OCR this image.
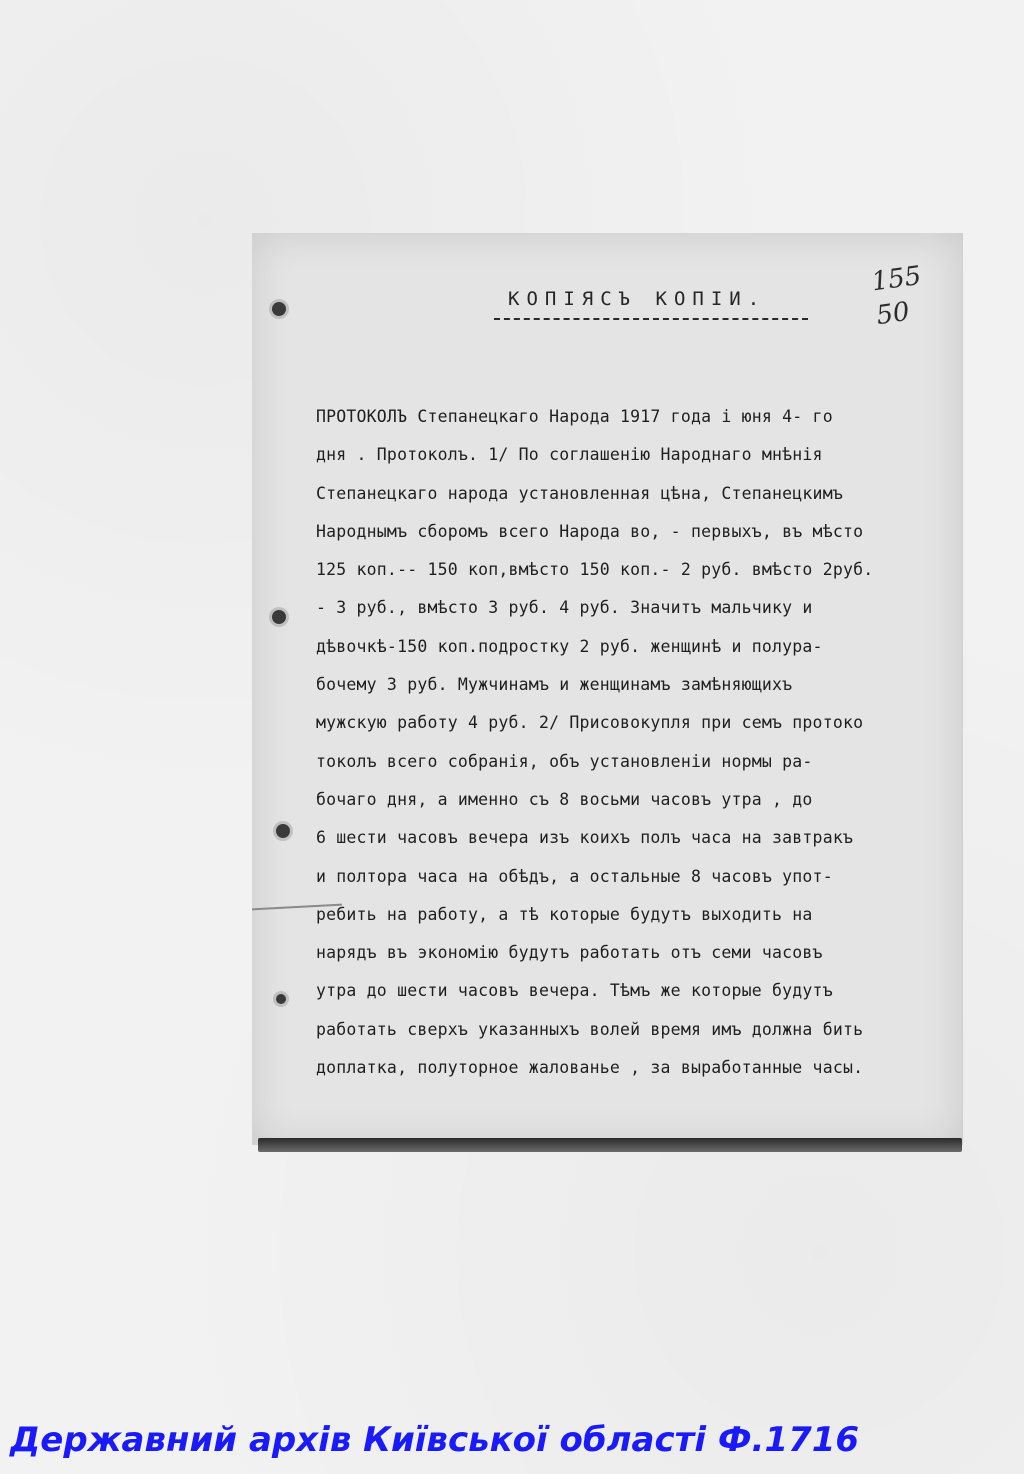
КОПІЯСЪ КОПІИ.
155
50
ПРОТОКОЛЪ Степанецкаго Народа 1917 года і юня 4- го
дня . Протоколъ. 1/ По соглашенію Народнаго мнѣнія
Степанецкаго народа установленная цѣна, Степанецкимъ
Народнымъ сборомъ всего Народа во, - первыхъ, въ мѣсто
125 коп.-- 150 коп,вмѣсто 150 коп.- 2 руб. вмѣсто 2руб.
- 3 руб., вмѣсто 3 руб. 4 руб. Значитъ мальчику и
дѣвочкѣ-150 коп.подростку 2 руб. женщинѣ и полура-
бочему 3 руб. Мужчинамъ и женщинамъ замѣняющихъ
мужскую работу 4 руб. 2/ Присовокупля при семъ протоко
токолъ всего собранія, объ установленіи нормы ра-
бочаго дня, а именно съ 8 восьми часовъ утра , до
6 шести часовъ вечера изъ коихъ полъ часа на завтракъ
и полтора часа на обѣдъ, а остальные 8 часовъ упот-
ребить на работу, а тѣ которые будутъ выходить на
нарядъ въ экономію будутъ работать отъ семи часовъ
утра до шести часовъ вечера. Тѣмъ же которые будутъ
работать сверхъ указанныхъ волей время имъ должна бить
доплатка, полуторное жалованье , за выработанные часы.
Державний архів Київської області Ф.1716
